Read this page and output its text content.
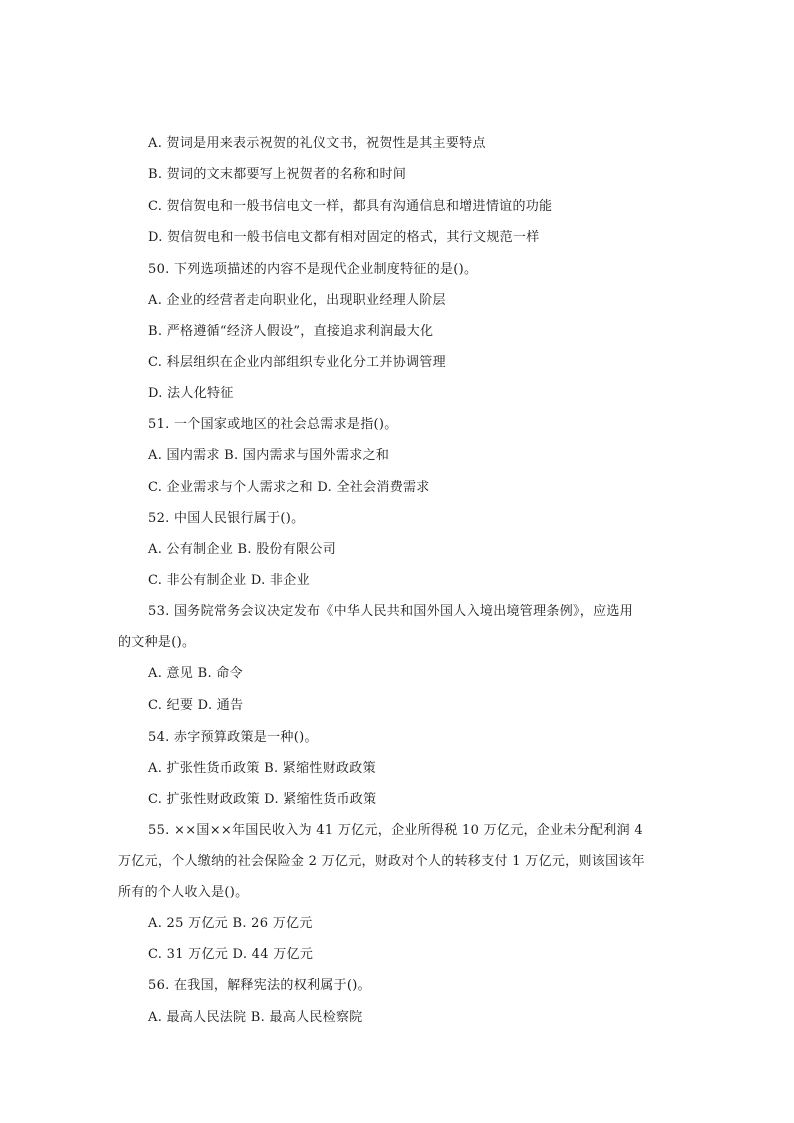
A. 贺词是用来表示祝贺的礼仪文书，祝贺性是其主要特点
B. 贺词的文末都要写上祝贺者的名称和时间
C. 贺信贺电和一般书信电文一样，都具有沟通信息和增进情谊的功能
D. 贺信贺电和一般书信电文都有相对固定的格式，其行文规范一样
50. 下列选项描述的内容不是现代企业制度特征的是()。
A. 企业的经营者走向职业化，出现职业经理人阶层
B. 严格遵循“经济人假设”，直接追求利润最大化
C. 科层组织在企业内部组织专业化分工并协调管理
D. 法人化特征
51. 一个国家或地区的社会总需求是指()。
A. 国内需求 B. 国内需求与国外需求之和
C. 企业需求与个人需求之和 D. 全社会消费需求
52. 中国人民银行属于()。
A. 公有制企业 B. 股份有限公司
C. 非公有制企业 D. 非企业
53. 国务院常务会议决定发布《中华人民共和国外国人入境出境管理条例》，应选用
的文种是()。
A. 意见 B. 命令
C. 纪要 D. 通告
54. 赤字预算政策是一种()。
A. 扩张性货币政策 B. 紧缩性财政政策
C. 扩张性财政政策 D. 紧缩性货币政策
55. ××国××年国民收入为 41 万亿元，企业所得税 10 万亿元，企业未分配利润 4
万亿元，个人缴纳的社会保险金 2 万亿元，财政对个人的转移支付 1 万亿元，则该国该年
所有的个人收入是()。
A. 25 万亿元 B. 26 万亿元
C. 31 万亿元 D. 44 万亿元
56. 在我国，解释宪法的权利属于()。
A. 最高人民法院 B. 最高人民检察院
